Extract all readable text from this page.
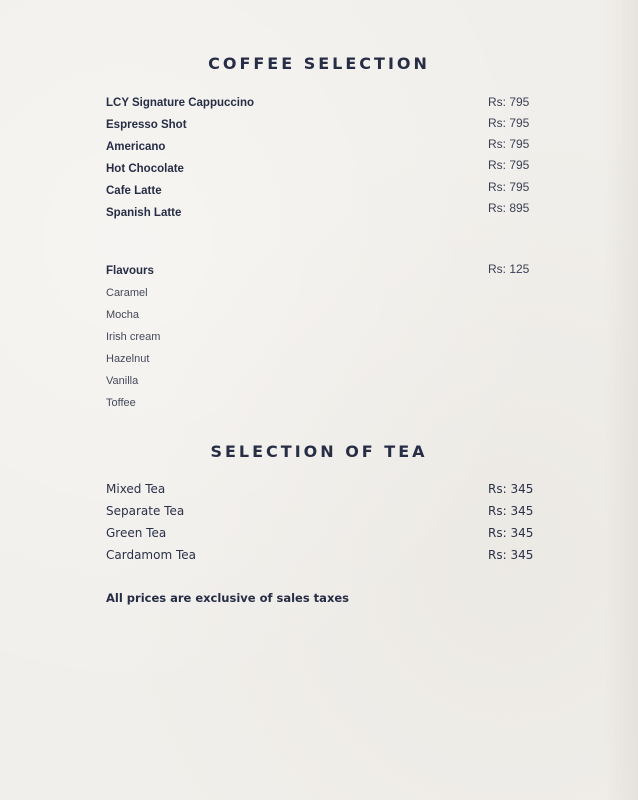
COFFEE SELECTION
LCY Signature Cappuccino	Rs: 795
Espresso Shot	Rs: 795
Americano	Rs: 795
Hot Chocolate	Rs: 795
Cafe Latte	Rs: 795
Spanish Latte	Rs: 895
Flavours	Rs: 125
Caramel
Mocha
Irish cream
Hazelnut
Vanilla
Toffee
SELECTION OF TEA
Mixed Tea	Rs: 345
Separate Tea	Rs: 345
Green Tea	Rs: 345
Cardamom Tea	Rs: 345
All prices are exclusive of sales taxes
